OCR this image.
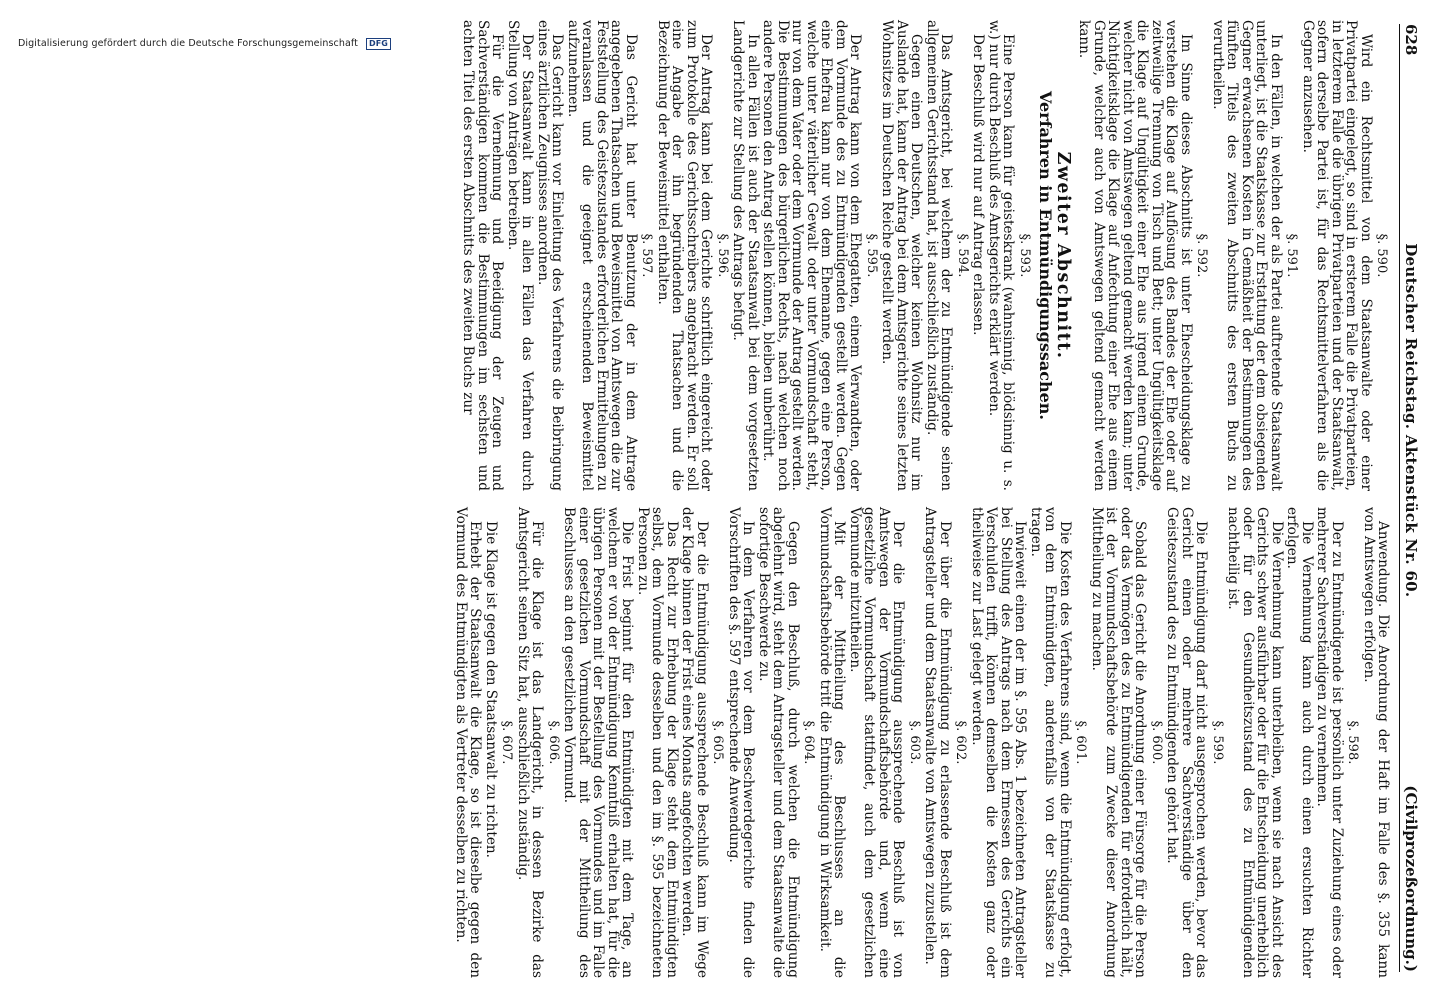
628
Deutscher Reichstag. Aktenstück Nr. 60.
(Civilprozeßordnung.)
§. 590.

Wird ein Rechtsmittel von dem Staatsanwalte oder einer Privatpartei eingelegt, so sind in ersterem Falle die Privatparteien, in letzterem Falle die übrigen Privatparteien und der Staatsanwalt, sofern derselbe Partei ist, für das Rechtsmittelverfahren als die Gegner anzusehen.

§. 591.

In den Fällen, in welchen der als Partei auftretende Staatsanwalt unterliegt, ist die Staatskasse zur Erstattung der dem obsiegenden Gegner erwachsenen Kosten in Gemäßheit der Bestimmungen des fünften Titels des zweiten Abschnitts des ersten Buchs zu verurtheilen.

§. 592.

Im Sinne dieses Abschnitts ist unter Ehescheidungsklage zu verstehen die Klage auf Auflösung des Bandes der Ehe oder auf zeitweilige Trennung von Tisch und Bett; unter Ungültigkeitsklage die Klage auf Ungültigkeit einer Ehe aus irgend einem Grunde, welcher nicht von Amtswegen geltend gemacht werden kann; unter Nichtigkeitsklage die Klage auf Anfechtung einer Ehe aus einem Grunde, welcher auch von Amtswegen geltend gemacht werden kann.

Zweiter Abschnitt.
Verfahren in Entmündigungssachen.
§. 593.

Eine Person kann für geisteskrank (wahnsinnig, blödsinnig u. s. w.) nur durch Beschluß des Amtsgerichts erklärt werden.

Der Beschluß wird nur auf Antrag erlassen.

§. 594.

Das Amtsgericht, bei welchem der zu Entmündigende seinen allgemeinen Gerichtsstand hat, ist ausschließlich zuständig.

Gegen einen Deutschen, welcher keinen Wohnsitz nur im Auslande hat, kann der Antrag bei dem Amtsgerichte seines letzten Wohnsitzes im Deutschen Reiche gestellt werden.

§. 595.

Der Antrag kann von dem Ehegatten, einem Verwandten, oder dem Vormunde des zu Entmündigenden gestellt werden. Gegen eine Ehefrau kann nur von dem Ehemanne, gegen eine Person, welche unter väterlicher Gewalt oder unter Vormundschaft steht, nur von dem Vater oder dem Vormunde der Antrag gestellt werden. Die Bestimmungen des bürgerlichen Rechts, nach welchen noch andere Personen den Antrag stellen können, bleiben unberührt.

In allen Fällen ist auch der Staatsanwalt bei dem vorgesetzten Landgerichte zur Stellung des Antrags befugt.

§. 596.

Der Antrag kann bei dem Gerichte schriftlich eingereicht oder zum Protokolle des Gerichtsschreibers angebracht werden. Er soll eine Angabe der ihn begründenden Thatsachen und die Bezeichnung der Beweismittel enthalten.

§. 597.

Das Gericht hat unter Benutzung der in dem Antrage angegebenen Thatsachen und Beweismittel von Amtswegen die zur Feststellung des Geisteszustandes erforderlichen Ermittelungen zu veranlassen und die geeignet erscheinenden Beweismittel aufzunehmen.

Das Gericht kann vor Einleitung des Verfahrens die Beibringung eines ärztlichen Zeugnisses anordnen.

Der Staatsanwalt kann in allen Fällen das Verfahren durch Stellung von Anträgen betreiben.

Für die Vernehmung und Beeidigung der Zeugen und Sachverständigen kommen die Bestimmungen im sechsten und achten Titel des ersten Abschnitts des zweiten Buchs zur

Anwendung. Die Anordnung der Haft im Falle des §. 355 kann von Amtswegen erfolgen.

§. 598.

Der zu Entmündigende ist persönlich unter Zuziehung eines oder mehrerer Sachverständigen zu vernehmen.

Die Vernehmung kann auch durch einen ersuchten Richter erfolgen.

Die Vernehmung kann unterbleiben, wenn sie nach Ansicht des Gerichts schwer ausführbar oder für die Entscheidung unerheblich oder für den Gesundheitszustand des zu Entmündigenden nachtheilig ist.

§. 599.

Die Entmündigung darf nicht ausgesprochen werden, bevor das Gericht einen oder mehrere Sachverständige über den Geisteszustand des zu Entmündigenden gehört hat.

§. 600.

Sobald das Gericht die Anordnung einer Fürsorge für die Person oder das Vermögen des zu Entmündigenden für erforderlich hält, ist der Vormundschaftsbehörde zum Zwecke dieser Anordnung Mittheilung zu machen.

§. 601.

Die Kosten des Verfahrens sind, wenn die Entmündigung erfolgt, von dem Entmündigten, anderenfalls von der Staatskasse zu tragen.

Inwieweit einen der im §. 595 Abs. 1 bezeichneten Antragsteller bei Stellung des Antrags nach dem Ermessen des Gerichts ein Verschulden trifft, können demselben die Kosten ganz oder theilweise zur Last gelegt werden.

§. 602.

Der über die Entmündigung zu erlassende Beschluß ist dem Antragsteller und dem Staatsanwalte von Amtswegen zuzustellen.

§. 603.

Der die Entmündigung aussprechende Beschluß ist von Amtswegen der Vormundschaftsbehörde und, wenn eine gesetzliche Vormundschaft stattfindet, auch dem gesetzlichen Vormunde mitzutheilen.

Mit der Mittheilung des Beschlusses an die Vormundschaftsbehörde tritt die Entmündigung in Wirksamkeit.

§. 604.

Gegen den Beschluß, durch welchen die Entmündigung abgelehnt wird, steht dem Antragsteller und dem Staatsanwalte die sofortige Beschwerde zu.

In dem Verfahren vor dem Beschwerdegerichte finden die Vorschriften des §. 597 entsprechende Anwendung.

§. 605.

Der die Entmündigung aussprechende Beschluß kann im Wege der Klage binnen der Frist eines Monats angefochten werden.

Das Recht zur Erhebung der Klage steht dem Entmündigten selbst, dem Vormunde desselben und den im §. 595 bezeichneten Personen zu.

Die Frist beginnt für den Entmündigten mit dem Tage, an welchem er von der Entmündigung Kenntniß erhalten hat, für die übrigen Personen mit der Bestellung des Vormundes und im Falle einer gesetzlichen Vormundschaft mit der Mittheilung des Beschlusses an den gesetzlichen Vormund.

§. 606.

Für die Klage ist das Landgericht, in dessen Bezirke das Amtsgericht seinen Sitz hat, ausschließlich zuständig.

§. 607.

Die Klage ist gegen den Staatsanwalt zu richten.

Erhebt der Staatsanwalt die Klage, so ist dieselbe gegen den Vormund des Entmündigten als Vertreter desselben zu richten.

Digitalisierung gefördert durch die Deutsche Forschungsgemeinschaft DFG
